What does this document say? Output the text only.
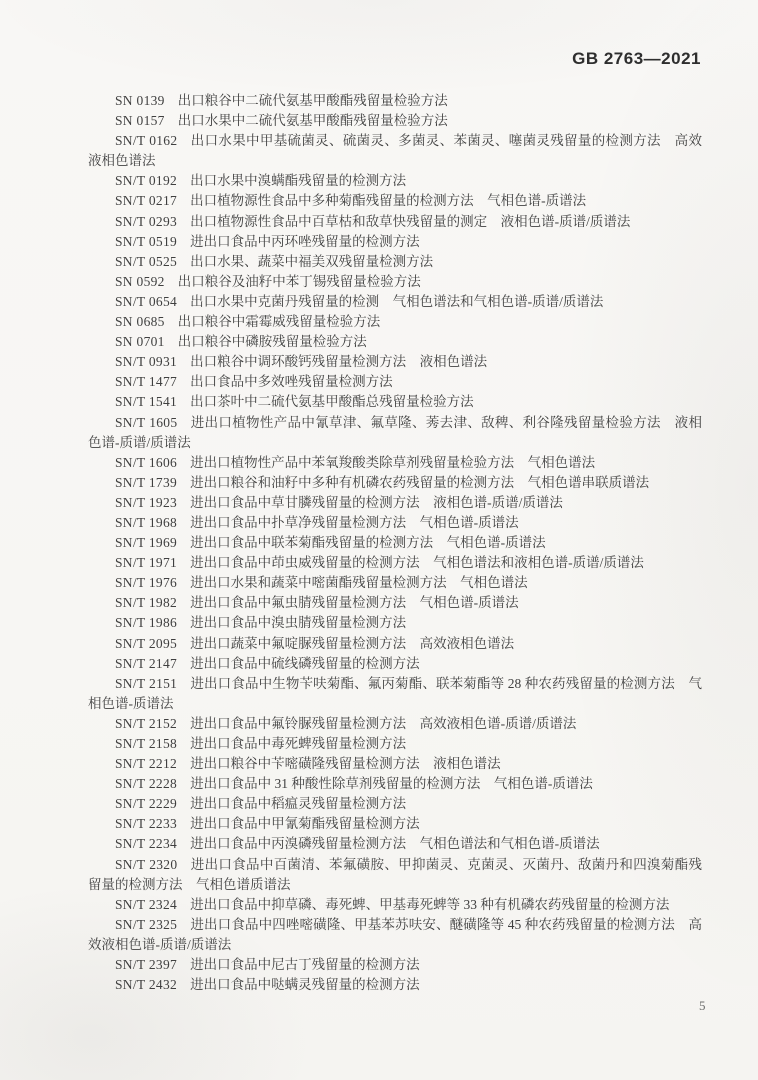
GB 2763—2021

SN 0139 出口粮谷中二硫代氨基甲酸酯残留量检验方法

SN 0157 出口水果中二硫代氨基甲酸酯残留量检验方法

SN/T 0162 出口水果中甲基硫菌灵、硫菌灵、多菌灵、苯菌灵、噻菌灵残留量的检测方法　高效液相色谱法

SN/T 0192 出口水果中溴螨酯残留量的检测方法

SN/T 0217 出口植物源性食品中多种菊酯残留量的检测方法　气相色谱-质谱法

SN/T 0293 出口植物源性食品中百草枯和敌草快残留量的测定　液相色谱-质谱/质谱法

SN/T 0519 进出口食品中丙环唑残留量的检测方法

SN/T 0525 出口水果、蔬菜中福美双残留量检测方法

SN 0592 出口粮谷及油籽中苯丁锡残留量检验方法

SN/T 0654 出口水果中克菌丹残留量的检测　气相色谱法和气相色谱-质谱/质谱法

SN 0685 出口粮谷中霜霉威残留量检验方法

SN 0701 出口粮谷中磷胺残留量检验方法

SN/T 0931 出口粮谷中调环酸钙残留量检测方法　液相色谱法

SN/T 1477 出口食品中多效唑残留量检测方法

SN/T 1541 出口茶叶中二硫代氨基甲酸酯总残留量检验方法

SN/T 1605 进出口植物性产品中氰草津、氟草隆、莠去津、敌稗、利谷隆残留量检验方法　液相色谱-质谱/质谱法

SN/T 1606 进出口植物性产品中苯氧羧酸类除草剂残留量检验方法　气相色谱法

SN/T 1739 进出口粮谷和油籽中多种有机磷农药残留量的检测方法　气相色谱串联质谱法

SN/T 1923 进出口食品中草甘膦残留量的检测方法　液相色谱-质谱/质谱法

SN/T 1968 进出口食品中扑草净残留量检测方法　气相色谱-质谱法

SN/T 1969 进出口食品中联苯菊酯残留量的检测方法　气相色谱-质谱法

SN/T 1971 进出口食品中茚虫威残留量的检测方法　气相色谱法和液相色谱-质谱/质谱法

SN/T 1976 进出口水果和蔬菜中嘧菌酯残留量检测方法　气相色谱法

SN/T 1982 进出口食品中氟虫腈残留量检测方法　气相色谱-质谱法

SN/T 1986 进出口食品中溴虫腈残留量检测方法

SN/T 2095 进出口蔬菜中氟啶脲残留量检测方法　高效液相色谱法

SN/T 2147 进出口食品中硫线磷残留量的检测方法

SN/T 2151 进出口食品中生物苄呋菊酯、氟丙菊酯、联苯菊酯等 28 种农药残留量的检测方法　气相色谱-质谱法

SN/T 2152 进出口食品中氟铃脲残留量检测方法　高效液相色谱-质谱/质谱法

SN/T 2158 进出口食品中毒死蜱残留量检测方法

SN/T 2212 进出口粮谷中苄嘧磺隆残留量检测方法　液相色谱法

SN/T 2228 进出口食品中 31 种酸性除草剂残留量的检测方法　气相色谱-质谱法

SN/T 2229 进出口食品中稻瘟灵残留量检测方法

SN/T 2233 进出口食品中甲氰菊酯残留量检测方法

SN/T 2234 进出口食品中丙溴磷残留量检测方法　气相色谱法和气相色谱-质谱法

SN/T 2320 进出口食品中百菌清、苯氟磺胺、甲抑菌灵、克菌灵、灭菌丹、敌菌丹和四溴菊酯残留量的检测方法　气相色谱质谱法

SN/T 2324 进出口食品中抑草磷、毒死蜱、甲基毒死蜱等 33 种有机磷农药残留量的检测方法

SN/T 2325 进出口食品中四唑嘧磺隆、甲基苯苏呋安、醚磺隆等 45 种农药残留量的检测方法　高效液相色谱-质谱/质谱法

SN/T 2397 进出口食品中尼古丁残留量的检测方法

SN/T 2432 进出口食品中哒螨灵残留量的检测方法

5
